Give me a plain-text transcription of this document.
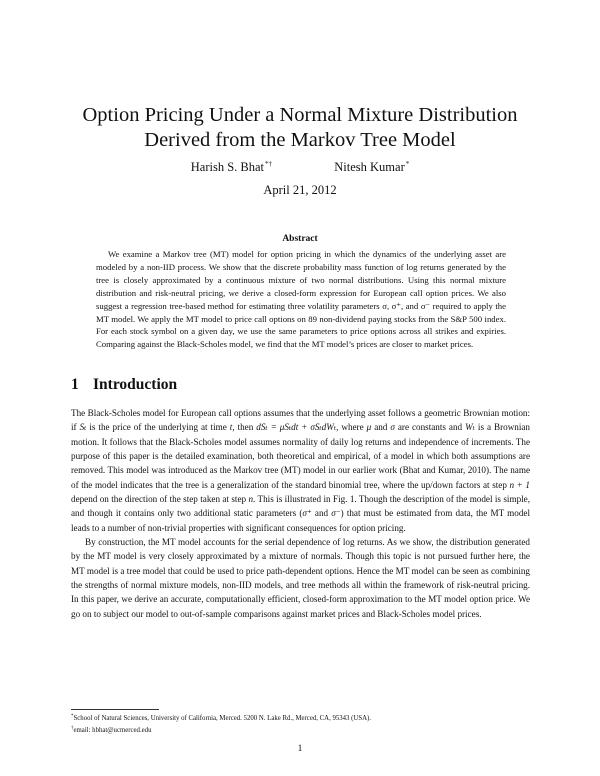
Option Pricing Under a Normal Mixture Distribution Derived from the Markov Tree Model
Harish S. Bhat*†	Nitesh Kumar*
April 21, 2012
Abstract

We examine a Markov tree (MT) model for option pricing in which the dynamics of the underlying asset are modeled by a non-IID process. We show that the discrete probability mass function of log returns generated by the tree is closely approximated by a continuous mixture of two normal distributions. Using this normal mixture distribution and risk-neutral pricing, we derive a closed-form expression for European call option prices. We also suggest a regression tree-based method for estimating three volatility parameters σ, σ⁺, and σ⁻ required to apply the MT model. We apply the MT model to price call options on 89 non-dividend paying stocks from the S&P 500 index. For each stock symbol on a given day, we use the same parameters to price options across all strikes and expiries. Comparing against the Black-Scholes model, we find that the MT model’s prices are closer to market prices.

1 Introduction

The Black-Scholes model for European call options assumes that the underlying asset follows a geometric Brownian motion: if Sₜ is the price of the underlying at time t, then dSₜ = μSₜdt + σSₜdWₜ, where μ and σ are constants and Wₜ is a Brownian motion. It follows that the Black-Scholes model assumes normality of daily log returns and independence of increments. The purpose of this paper is the detailed examination, both theoretical and empirical, of a model in which both assumptions are removed. This model was introduced as the Markov tree (MT) model in our earlier work (Bhat and Kumar, 2010). The name of the model indicates that the tree is a generalization of the standard binomial tree, where the up/down factors at step n + 1 depend on the direction of the step taken at step n. This is illustrated in Fig. 1. Though the description of the model is simple, and though it contains only two additional static parameters (σ⁺ and σ⁻) that must be estimated from data, the MT model leads to a number of non-trivial properties with significant consequences for option pricing.

By construction, the MT model accounts for the serial dependence of log returns. As we show, the distribution generated by the MT model is very closely approximated by a mixture of normals. Though this topic is not pursued further here, the MT model is a tree model that could be used to price path-dependent options. Hence the MT model can be seen as combining the strengths of normal mixture models, non-IID models, and tree methods all within the framework of risk-neutral pricing. In this paper, we derive an accurate, computationally efficient, closed-form approximation to the MT model option price. We go on to subject our model to out-of-sample comparisons against market prices and Black-Scholes model prices.

*School of Natural Sciences, University of California, Merced. 5200 N. Lake Rd., Merced, CA, 95343 (USA).
†email: hbhat@ucmerced.edu
1
